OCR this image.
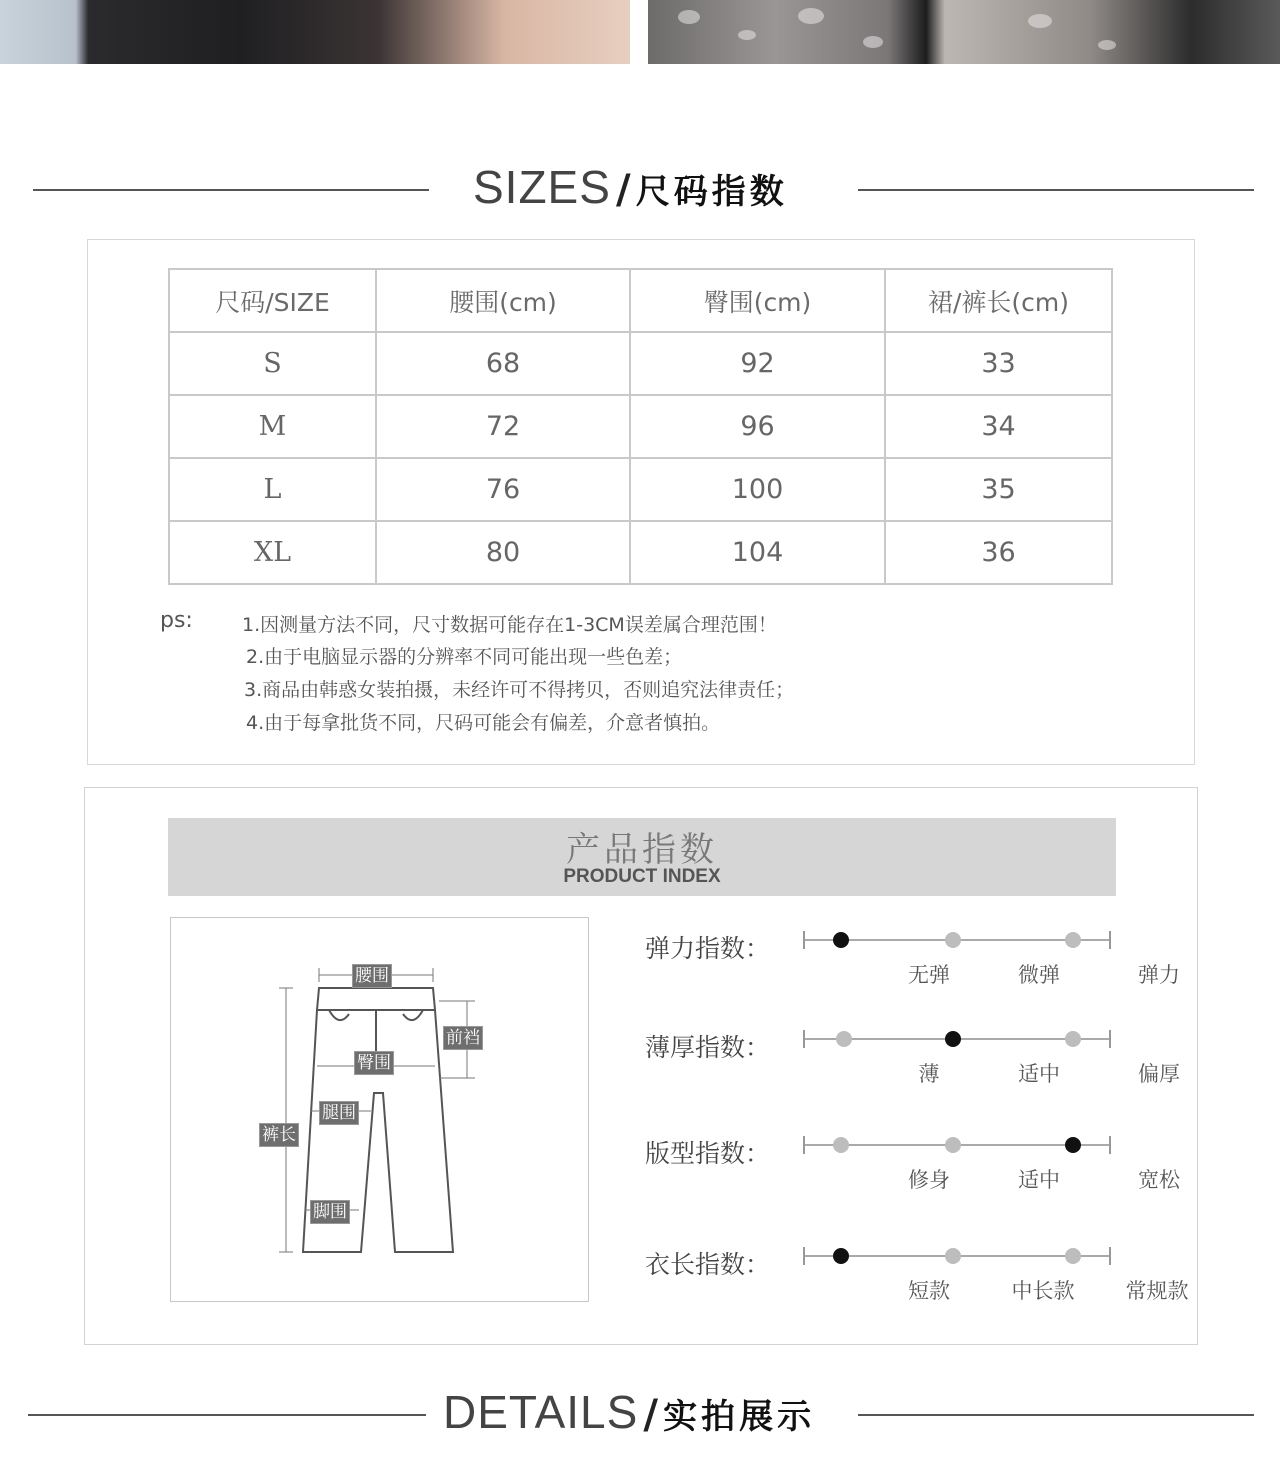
SIZES / 尺码指数
尺码/SIZE	腰围(cm)	臀围(cm)	裙/裤长(cm)
S	68	92	33
M	72	96	34
L	76	100	35
XL	80	104	36
ps:	1.因测量方法不同，尺寸数据可能存在1-3CM误差属合理范围！
2.由于电脑显示器的分辨率不同可能出现一些色差；
3.商品由韩惑女装拍摄，未经许可不得拷贝，否则追究法律责任；
4.由于每拿批货不同，尺码可能会有偏差，介意者慎拍。
产品指数
PRODUCT INDEX
腰围
前裆
臀围
腿围
裤长
脚围
弹力指数：
无弹	微弹	弹力
薄厚指数：
薄	适中	偏厚
版型指数：
修身	适中	宽松
衣长指数：
短款	中长款 常规款
DETAILS / 实拍展示
